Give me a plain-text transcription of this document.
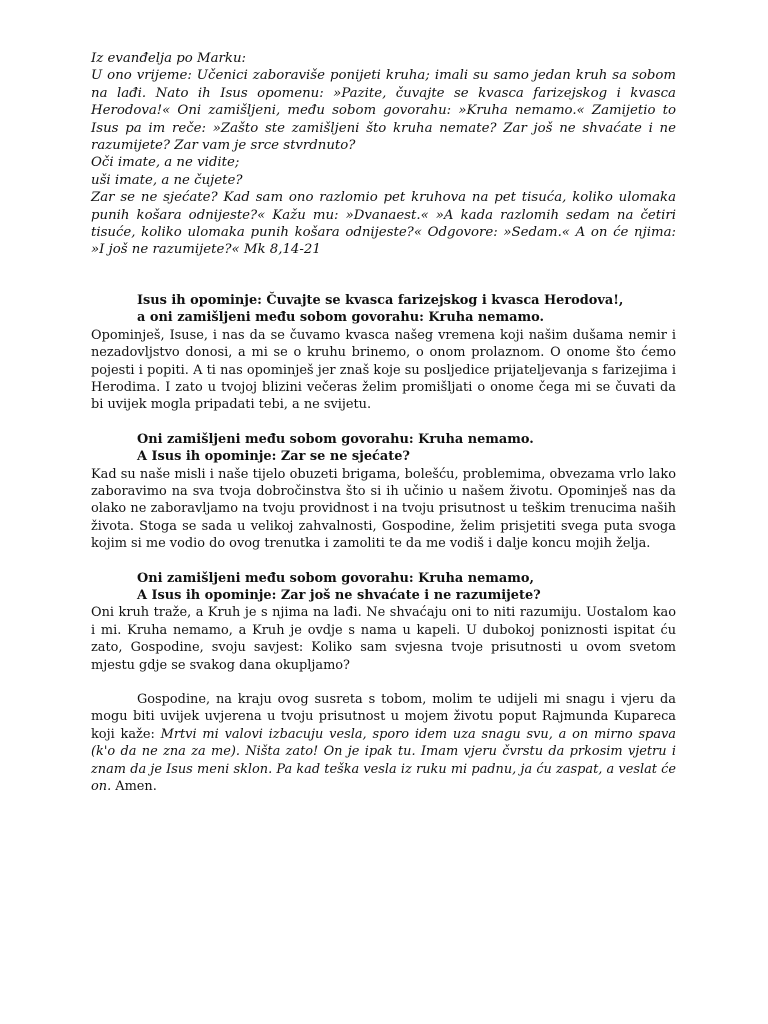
Iz evanđelja po Marku:

U ono vrijeme: Učenici zaboraviše ponijeti kruha; imali su samo jedan kruh sa sobom na lađi. Nato ih Isus opomenu: »Pazite, čuvajte se kvasca farizejskog i kvasca Herodova!« Oni zamišljeni, među sobom govorahu: »Kruha nemamo.« Zamijetio to Isus pa im reče: »Zašto ste zamišljeni što kruha nemate? Zar još ne shvaćate i ne razumijete? Zar vam je srce stvrdnuto?

Oči imate, a ne vidite;

uši imate, a ne čujete?

Zar se ne sjećate? Kad sam ono razlomio pet kruhova na pet tisuća, koliko ulomaka punih košara odnijeste?« Kažu mu: »Dvanaest.« »A kada razlomih sedam na četiri tisuće, koliko ulomaka punih košara odnijeste?« Odgovore: »Sedam.« A on će njima: »I još ne razumijete?« Mk 8,14-21

Isus ih opominje: Čuvajte se kvasca farizejskog i kvasca Herodova!,

a oni zamišljeni među sobom govorahu: Kruha nemamo.

Opominješ, Isuse, i nas da se čuvamo kvasca našeg vremena koji našim dušama nemir i nezadovljstvo donosi, a mi se o kruhu brinemo, o onom prolaznom. O onome što ćemo pojesti i popiti. A ti nas opominješ jer znaš koje su posljedice prijateljevanja s farizejima i Herodima. I zato u tvojoj blizini večeras želim promišljati o onome čega mi se čuvati da bi uvijek mogla pripadati tebi, a ne svijetu.

Oni zamišljeni među sobom govorahu: Kruha nemamo.

A Isus ih opominje: Zar se ne sjećate?

Kad su naše misli i naše tijelo obuzeti brigama, bolešću, problemima, obvezama vrlo lako zaboravimo na sva tvoja dobročinstva što si ih učinio u našem životu. Opominješ nas da olako ne zaboravljamo na tvoju providnost i na tvoju prisutnost u teškim trenucima naših života. Stoga se sada u velikoj zahvalnosti, Gospodine, želim prisjetiti svega puta svoga kojim si me vodio do ovog trenutka i zamoliti te da me vodiš i dalje koncu mojih želja.

Oni zamišljeni među sobom govorahu: Kruha nemamo,

A Isus ih opominje: Zar još ne shvaćate i ne razumijete?

Oni kruh traže, a Kruh je s njima na lađi. Ne shvaćaju oni to niti razumiju. Uostalom kao i mi. Kruha nemamo, a Kruh je ovdje s nama u kapeli. U dubokoj poniznosti ispitat ću zato, Gospodine, svoju savjest: Koliko sam svjesna tvoje prisutnosti u ovom svetom mjestu gdje se svakog dana okupljamo?

Gospodine, na kraju ovog susreta s tobom, molim te udijeli mi snagu i vjeru da mogu biti uvijek uvjerena u tvoju prisutnost u mojem životu poput Rajmunda Kupareca koji kaže: Mrtvi mi valovi izbacuju vesla, sporo idem uza snagu svu, a on mirno spava (k'o da ne zna za me). Ništa zato! On je ipak tu. Imam vjeru čvrstu da prkosim vjetru i znam da je Isus meni sklon. Pa kad teška vesla iz ruku mi padnu, ja ću zaspat, a veslat će on. Amen.
